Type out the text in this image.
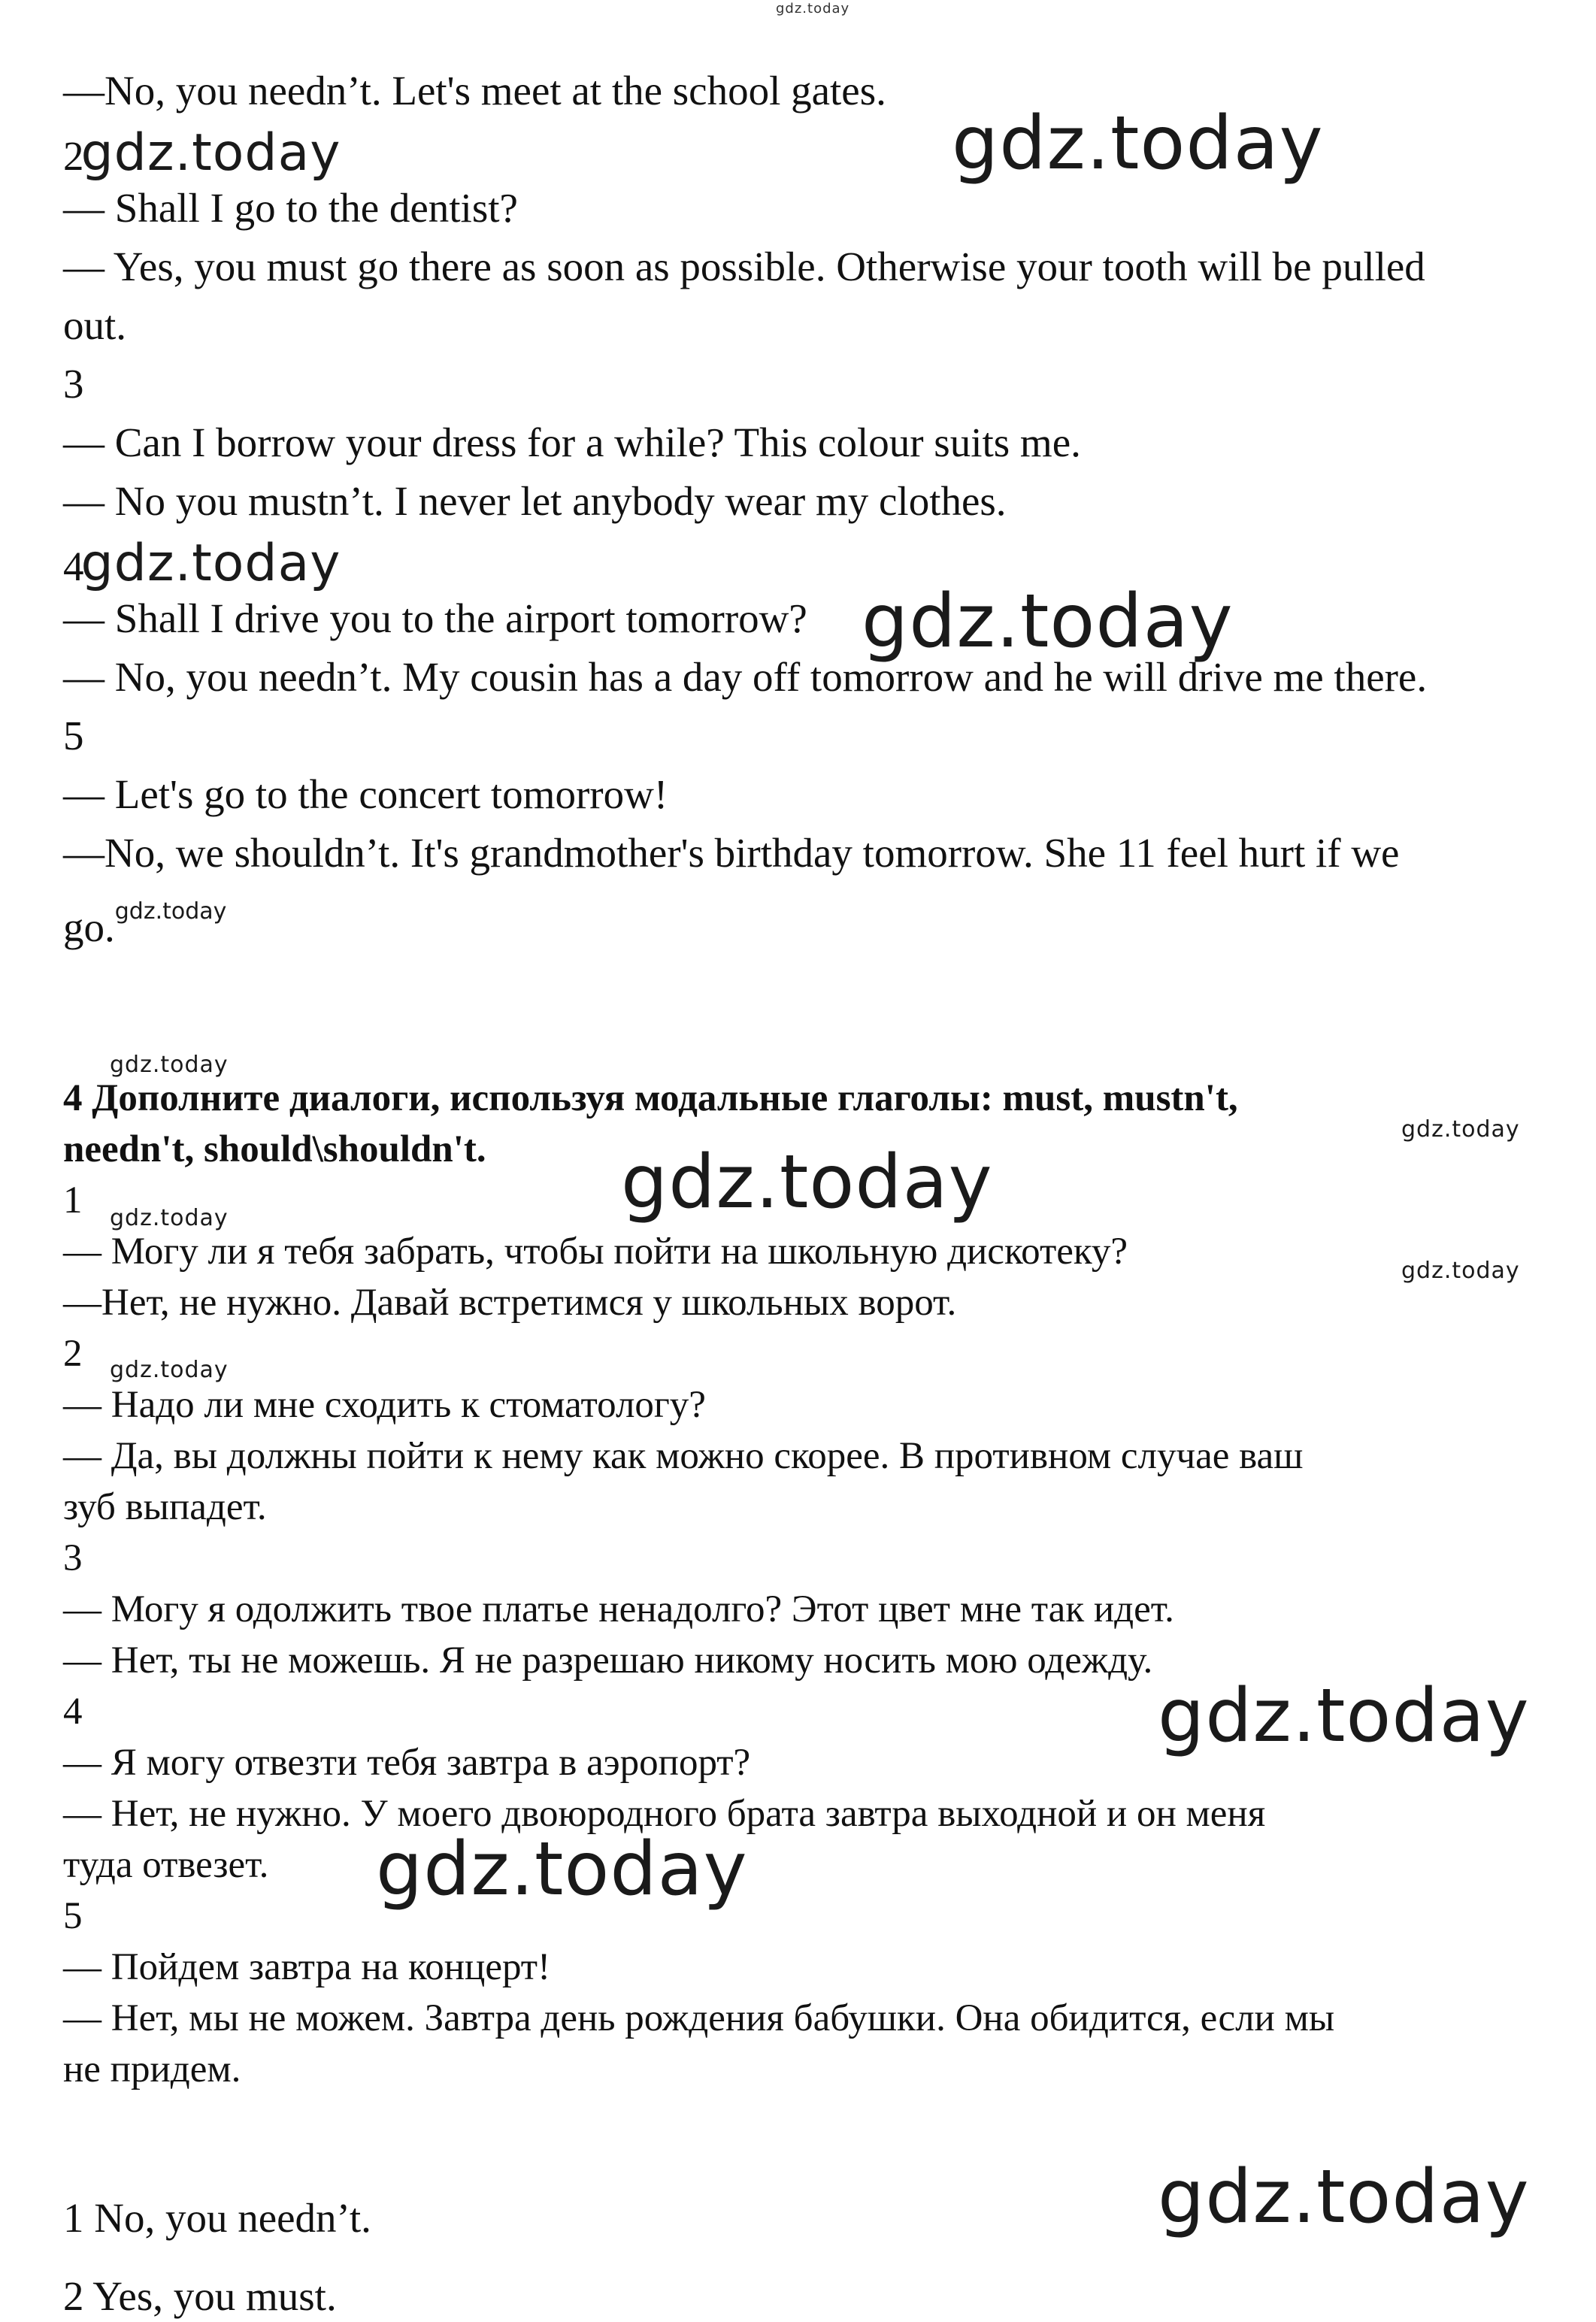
gdz.today
—No, you needn’t. Let's meet at the school gates.
2gdz.today	gdz.today
— Shall I go to the dentist?
— Yes, you must go there as soon as possible. Otherwise your tooth will be pulled
out.
3
— Can I borrow your dress for a while? This colour suits me.
— No you mustn’t. I never let anybody wear my clothes.
4gdz.today
— Shall I drive you to the airport tomorrow? gdz.today
— No, you needn’t. My cousin has a day off tomorrow and he will drive me there.
5
— Let's go to the concert tomorrow!
—No, we shouldn’t. It's grandmother's birthday tomorrow. She 11 feel hurt if we
go.$^{gdz.today}$
gdz.today
4 Дополните диалоги, используя модальные глаголы: must, mustn't,
gdz.today
needn't, should\shouldn't. gdz.today
1 gdz.today
— Могу ли я тебя забрать, чтобы пойти на школьную дискотеку?	gdz.today
—Нет, не нужно. Давай встретимся у школьных ворот.
2 gdz.today
— Надо ли мне сходить к стоматологу?
— Да, вы должны пойти к нему как можно скорее. В противном случае ваш
зуб выпадет.
3
— Могу я одолжить твое платье ненадолго? Этот цвет мне так идет.
— Нет, ты не можешь. Я не разрешаю никому носить мою одежду.
4	gdz.today
— Я могу отвезти тебя завтра в аэропорт?
— Нет, не нужно. У моего двоюродного брата завтра выходной и он меня
туда отвезет. gdz.today
5
— Пойдем завтра на концерт!
— Нет, мы не можем. Завтра день рождения бабушки. Она обидится, если мы
не придем.
gdz.today
1 No, you needn’t.
2 Yes, you must.
